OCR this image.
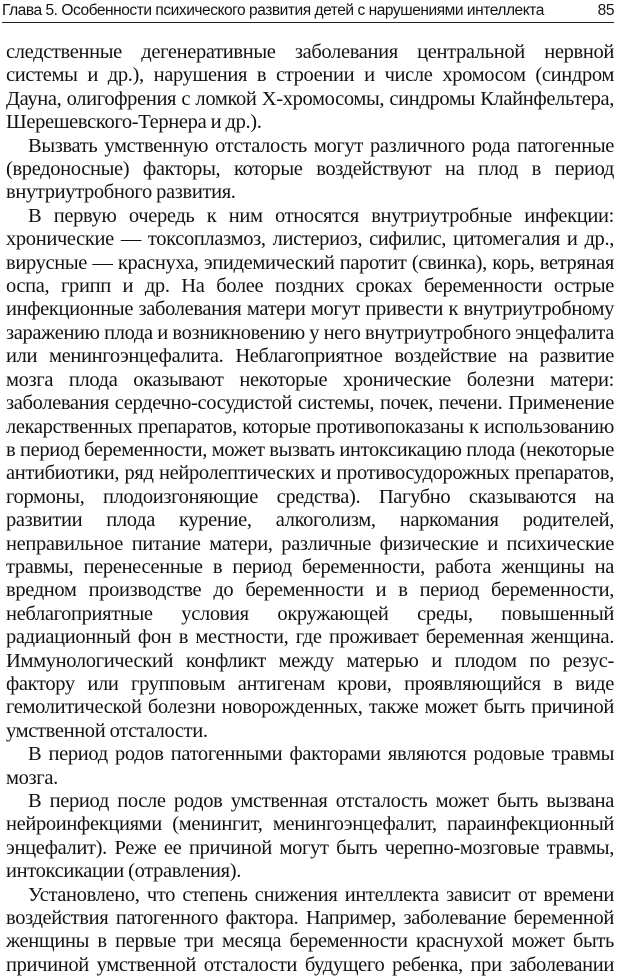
Глава 5. Особенности психического развития детей с нарушениями интеллекта	85

следственные дегенеративные заболевания центральной нервной системы и др.), нарушения в строении и числе хромосом (синдром Дауна, олигофрения с ломкой Х-хромосомы, синдромы Клайнфельтера, Шерешевского-Тернера и др.).

Вызвать умственную отсталость могут различного рода патогенные (вредоносные) факторы, которые воздействуют на плод в период внутриутробного развития.

В первую очередь к ним относятся внутриутробные инфекции: хронические — токсоплазмоз, листериоз, сифилис, цитомегалия и др., вирусные — краснуха, эпидемический паротит (свинка), корь, ветряная оспа, грипп и др. На более поздних сроках беременности острые инфекционные заболевания матери могут привести к внутриутробному заражению плода и возникновению у него внутриутробного энцефалита или менингоэнцефалита. Неблагоприятное воздействие на развитие мозга плода оказывают некоторые хронические болезни матери: заболевания сердечно-сосудистой системы, почек, печени. Применение лекарственных препаратов, которые противопоказаны к использованию в период беременности, может вызвать интоксикацию плода (некоторые антибиотики, ряд нейролептических и противосудорожных препаратов, гормоны, плодоизгоняющие средства). Пагубно сказываются на развитии плода курение, алкоголизм, наркомания родителей, неправильное питание матери, различные физические и психические травмы, перенесенные в период беременности, работа женщины на вредном производстве до беременности и в период беременности, неблагоприятные условия окружающей среды, повышенный радиационный фон в местности, где проживает беременная женщина. Иммунологический конфликт между матерью и плодом по резус-фактору или групповым антигенам крови, проявляющийся в виде гемолитической болезни новорожденных, также может быть причиной умственной отсталости.

В период родов патогенными факторами являются родовые травмы мозга.

В период после родов умственная отсталость может быть вызвана нейроинфекциями (менингит, менингоэнцефалит, параинфекционный энцефалит). Реже ее причиной могут быть черепно-мозговые травмы, интоксикации (отравления).

Установлено, что степень снижения интеллекта зависит от времени воздействия патогенного фактора. Например, заболевание беременной женщины в первые три месяца беременности краснухой может быть причиной умственной отсталости будущего ребенка, при заболевании
